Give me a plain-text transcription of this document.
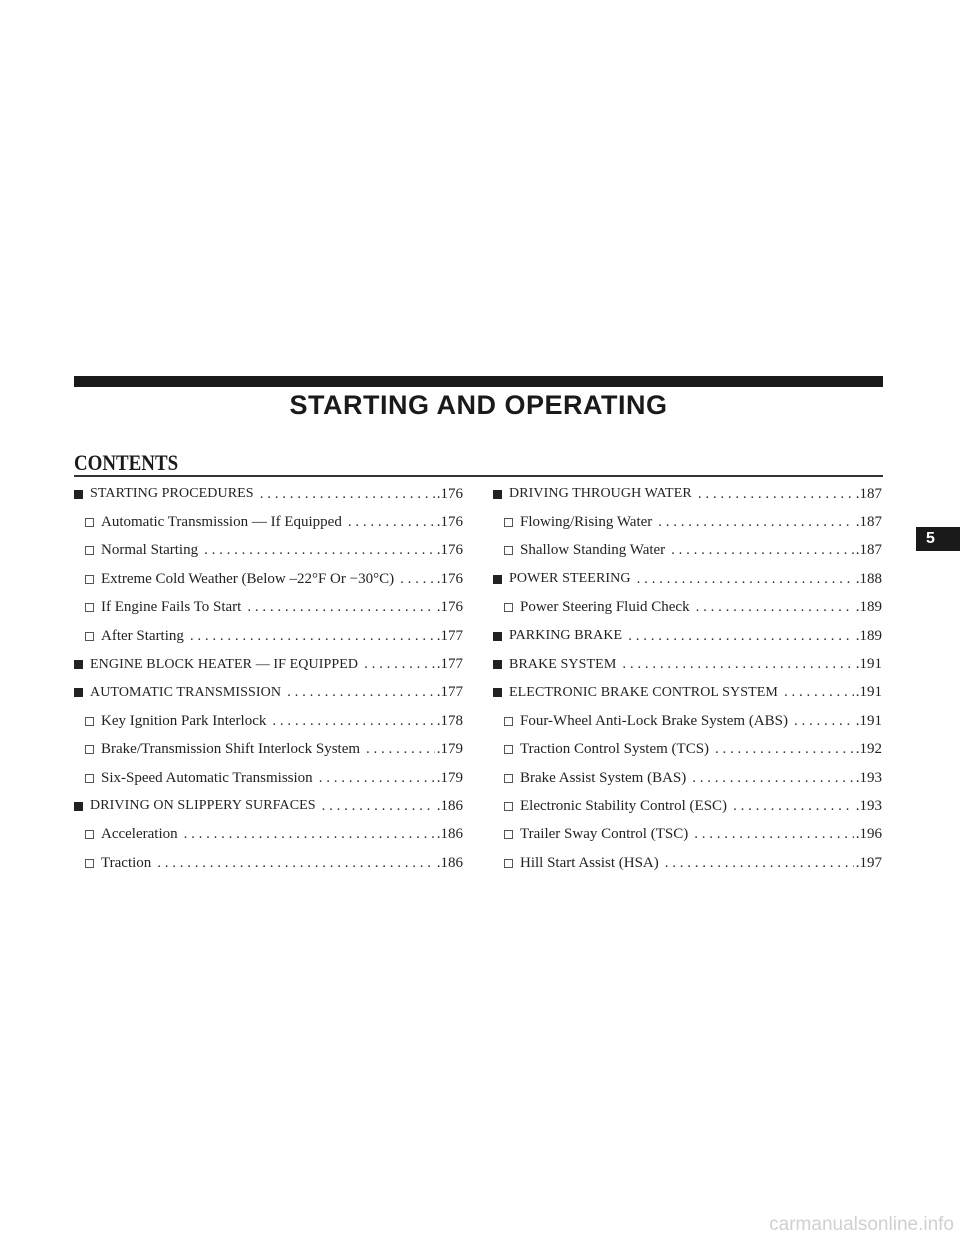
STARTING AND OPERATING
CONTENTS
STARTING PROCEDURES . . .	.176
Automatic Transmission — If Equipped . . .	.176
Normal Starting . . .	.176
Extreme Cold Weather (Below –22°F Or −30°C) . . .	.176
If Engine Fails To Start . . .	.176
After Starting . . .	.177
ENGINE BLOCK HEATER — IF EQUIPPED . . .	.177
AUTOMATIC TRANSMISSION . . .	.177
Key Ignition Park Interlock . . .	.178
Brake/Transmission Shift Interlock System . . .	.179
Six-Speed Automatic Transmission . . .	.179
DRIVING ON SLIPPERY SURFACES . . .	.186
Acceleration . . .	.186
Traction . . .	.186
DRIVING THROUGH WATER . . .	.187
Flowing/Rising Water . . .	.187
Shallow Standing Water . . .	.187
POWER STEERING . . .	.188
Power Steering Fluid Check . . .	.189
PARKING BRAKE . . .	.189
BRAKE SYSTEM . . .	.191
ELECTRONIC BRAKE CONTROL SYSTEM . . .	.191
Four-Wheel Anti-Lock Brake System (ABS) . . .	.191
Traction Control System (TCS) . . .	.192
Brake Assist System (BAS) . . .	.193
Electronic Stability Control (ESC) . . .	.193
Trailer Sway Control (TSC) . . .	.196
Hill Start Assist (HSA) . . .	.197
5
carmanualsonline.info
